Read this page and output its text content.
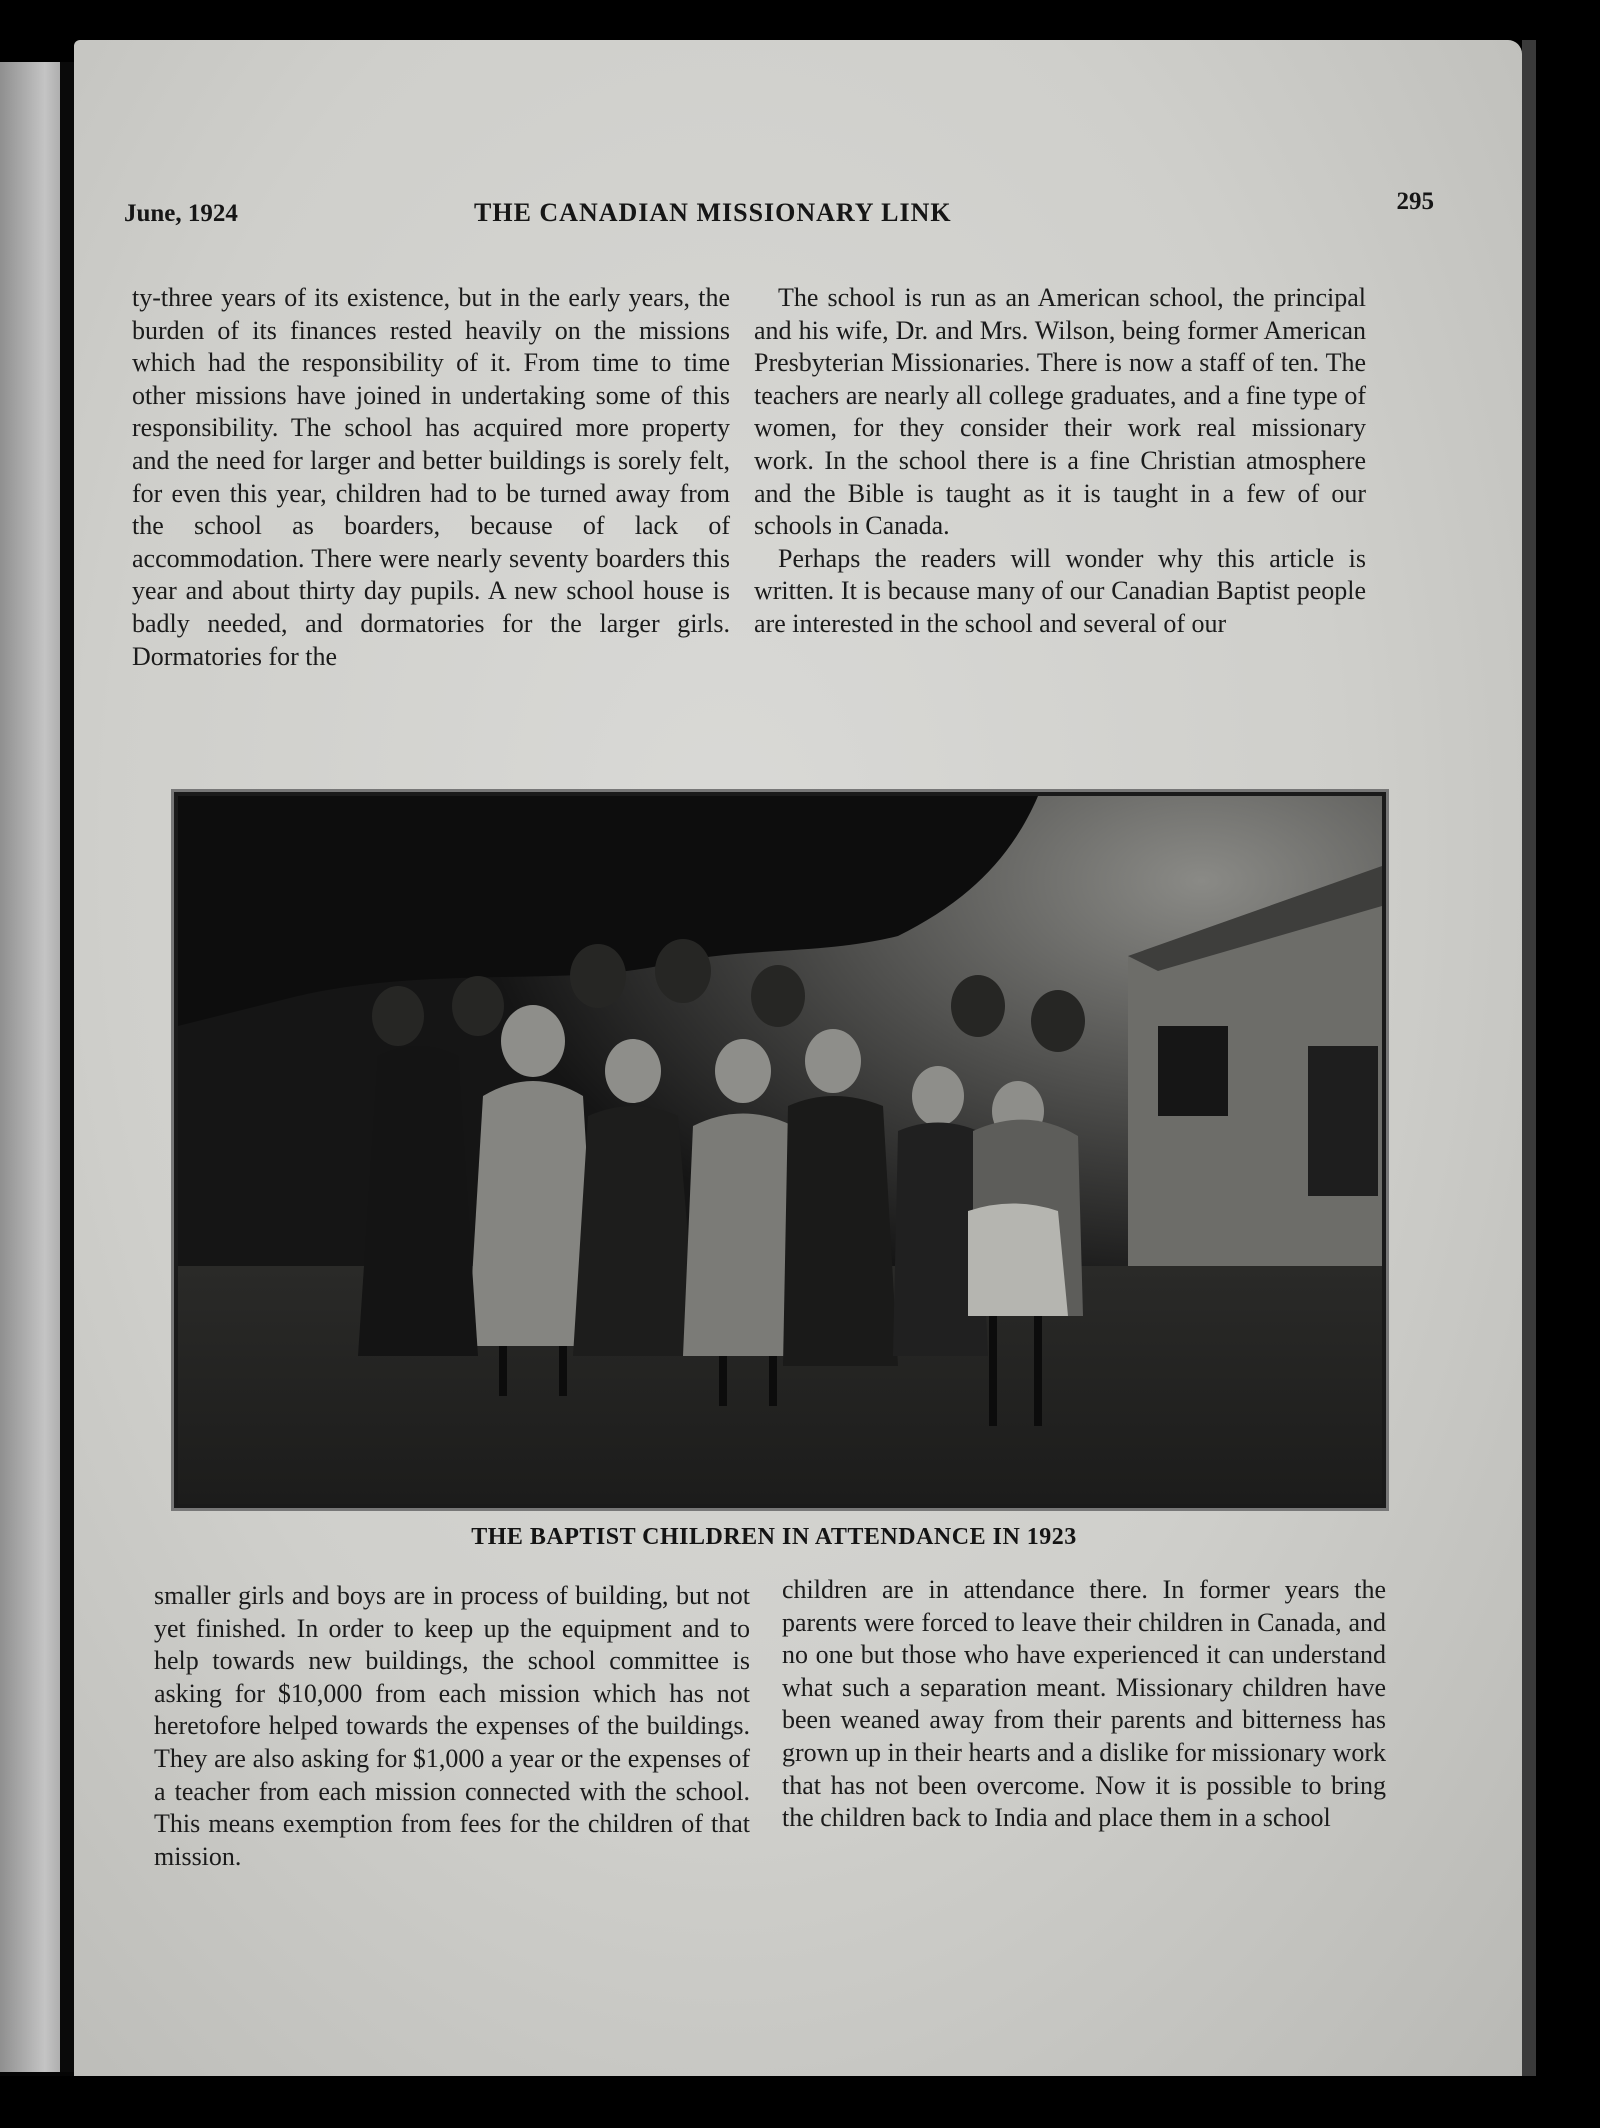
June, 1924	THE CANADIAN MISSIONARY LINK	295

ty-three years of its existence, but in the early years, the burden of its finances rested heavily on the missions which had the responsibility of it. From time to time other missions have joined in undertaking some of this responsibility. The school has acquired more property and the need for larger and better buildings is sorely felt, for even this year, children had to be turned away from the school as boarders, because of lack of accommodation. There were nearly seventy boarders this year and about thirty day pupils. A new school house is badly needed, and dormatories for the larger girls. Dormatories for the

The school is run as an American school, the principal and his wife, Dr. and Mrs. Wilson, being former American Presbyterian Missionaries. There is now a staff of ten. The teachers are nearly all college graduates, and a fine type of women, for they consider their work real missionary work. In the school there is a fine Christian atmosphere and the Bible is taught as it is taught in a few of our schools in Canada.

Perhaps the readers will wonder why this article is written. It is because many of our Canadian Baptist people are interested in the school and several of our

THE BAPTIST CHILDREN IN ATTENDANCE IN 1923

smaller girls and boys are in process of building, but not yet finished. In order to keep up the equipment and to help towards new buildings, the school committee is asking for $10,000 from each mission which has not heretofore helped towards the expenses of the buildings. They are also asking for $1,000 a year or the expenses of a teacher from each mission connected with the school. This means exemption from fees for the children of that mission.

children are in attendance there. In former years the parents were forced to leave their children in Canada, and no one but those who have experienced it can understand what such a separation meant. Missionary children have been weaned away from their parents and bitterness has grown up in their hearts and a dislike for missionary work that has not been overcome. Now it is possible to bring the children back to India and place them in a school
